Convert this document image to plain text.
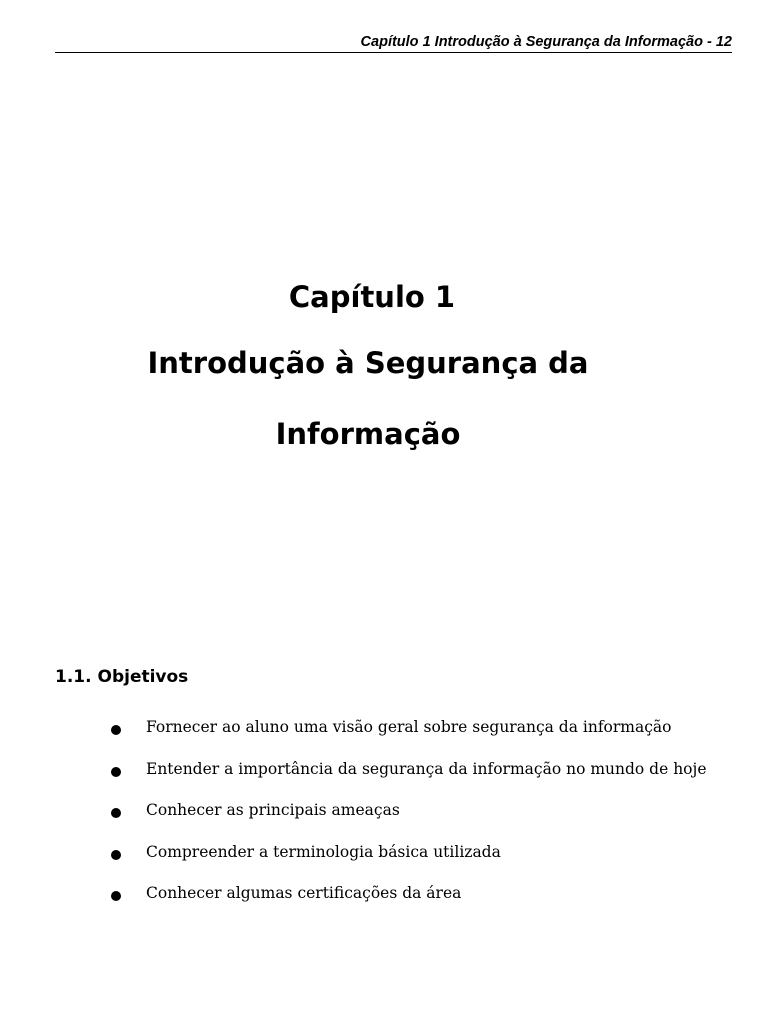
Capítulo 1 Introdução à Segurança da Informação - 12
Capítulo 1
Introdução à Segurança da
Informação
1.1. Objetivos
Fornecer ao aluno uma visão geral sobre segurança da informação
Entender a importância da segurança da informação no mundo de hoje
Conhecer as principais ameaças
Compreender a terminologia básica utilizada
Conhecer algumas certificações da área
